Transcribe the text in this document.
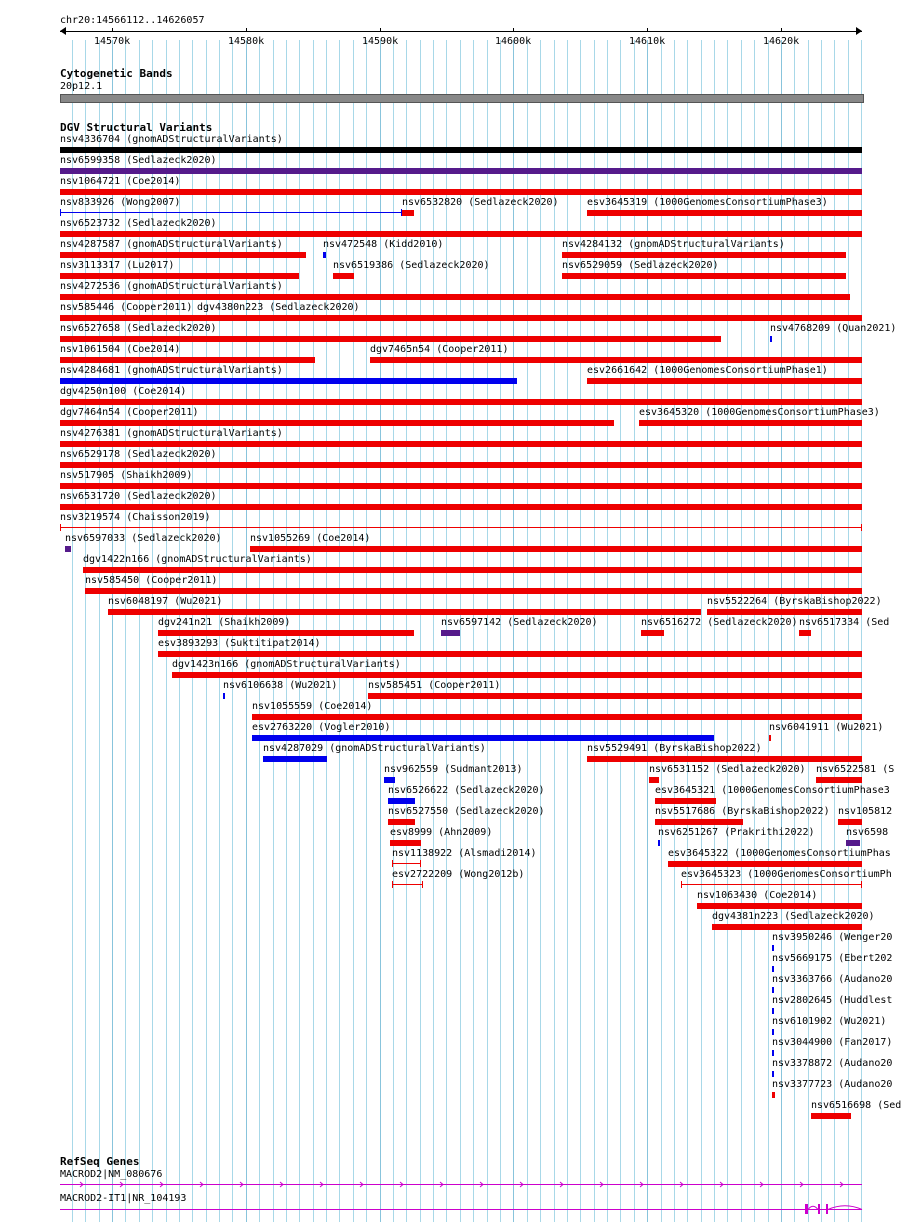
chr20:14566112..14626057
14570k	14580k	14590k	14600k	14610k	14620k
Cytogenetic Bands
20p12.1
DGV Structural Variants
nsv4336704 (gnomADStructuralVariants)
nsv6599358 (Sedlazeck2020)
nsv1064721 (Coe2014)
nsv833926 (Wong2007)	nsv6532820 (Sedlazeck2020)	esv3645319 (1000GenomesConsortiumPhase3)
nsv6523732 (Sedlazeck2020)
nsv4287587 (gnomADStructuralVariants)	nsv472548 (Kidd2010)	nsv4284132 (gnomADStructuralVariants)
nsv3113317 (Lu2017)	nsv6519386 (Sedlazeck2020)	nsv6529059 (Sedlazeck2020)
nsv4272536 (gnomADStructuralVariants)
nsv585446 (Cooper2011) dgv4380n223 (Sedlazeck2020)
nsv6527658 (Sedlazeck2020)	nsv4768209 (Quan2021)
nsv1061504 (Coe2014)	dgv7465n54 (Cooper2011)
nsv4284681 (gnomADStructuralVariants)	esv2661642 (1000GenomesConsortiumPhase1)
dgv4250n100 (Coe2014)
dgv7464n54 (Cooper2011)	esv3645320 (1000GenomesConsortiumPhase3)
nsv4276381 (gnomADStructuralVariants)
nsv6529178 (Sedlazeck2020)
nsv517905 (Shaikh2009)
nsv6531720 (Sedlazeck2020)
nsv3219574 (Chaisson2019)
nsv6597033 (Sedlazeck2020)	nsv1055269 (Coe2014)
dgv1422n166 (gnomADStructuralVariants)
nsv585450 (Cooper2011)
nsv6048197 (Wu2021)	nsv5522264 (ByrskaBishop2022)
dgv241n21 (Shaikh2009)	nsv6597142 (Sedlazeck2020)	nsv6516272 (Sedlazeck2020) nsv6517334 (Sed
esv3893293 (Suktitipat2014)
dgv1423n166 (gnomADStructuralVariants)
nsv6106638 (Wu2021)	nsv585451 (Cooper2011)
nsv1055559 (Coe2014)
esv2763220 (Vogler2010)	nsv6041911 (Wu2021)
nsv4287029 (gnomADStructuralVariants)	nsv5529491 (ByrskaBishop2022)
nsv962559 (Sudmant2013)	nsv6531152 (Sedlazeck2020) nsv6522581 (S
nsv6526622 (Sedlazeck2020)	esv3645321 (1000GenomesConsortiumPhase3
nsv6527550 (Sedlazeck2020)	nsv5517686 (ByrskaBishop2022) nsv105812
esv8999 (Ahn2009)	nsv6251267 (Prakrithi2022)	nsv6598
nsv1138922 (Alsmadi2014)	esv3645322 (1000GenomesConsortiumPhas
esv2722209 (Wong2012b)	esv3645323 (1000GenomesConsortiumPh
nsv1063430 (Coe2014)
dgv4381n223 (Sedlazeck2020)
nsv3950246 (Wenger20
nsv5669175 (Ebert202
nsv3363766 (Audano20
nsv2802645 (Huddlest
nsv6101902 (Wu2021)
nsv3044900 (Fan2017)
nsv3378872 (Audano20
nsv3377723 (Audano20
nsv6516698 (Sed
RefSeq Genes
MACROD2|NM_080676
MACROD2-IT1|NR_104193
